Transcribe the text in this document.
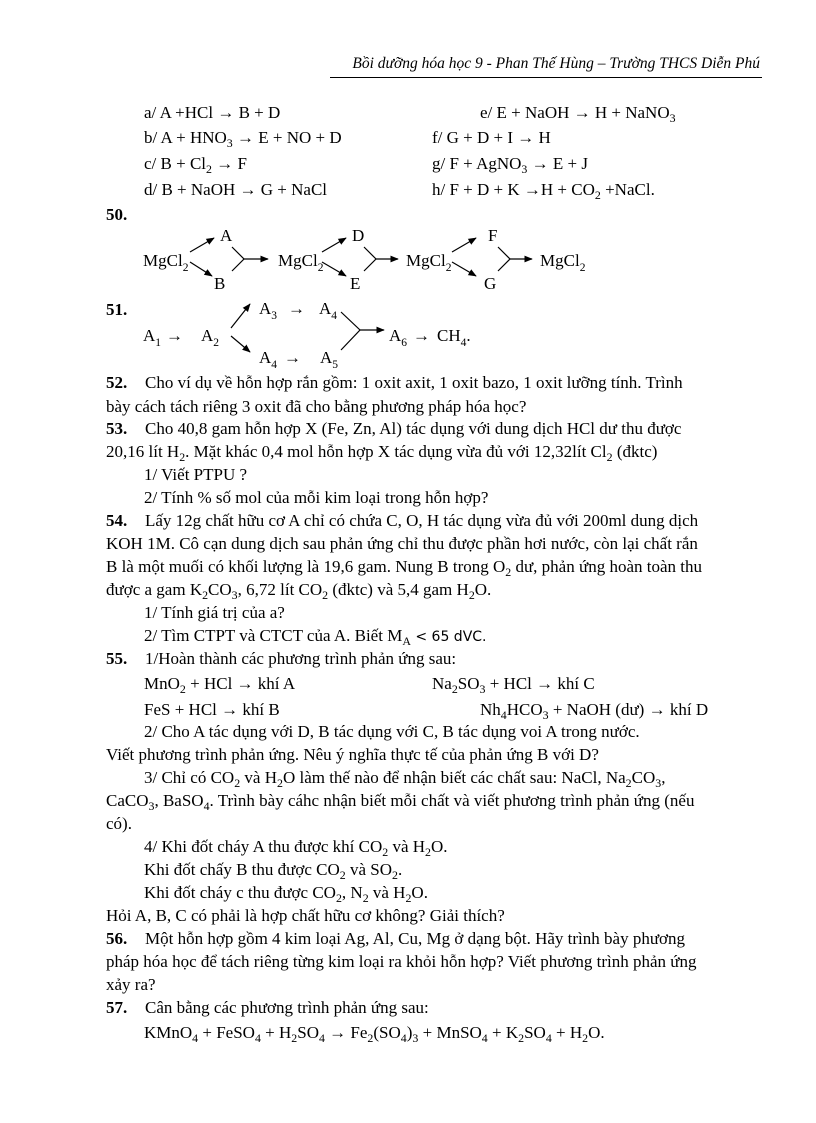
Bồi dưỡng hóa học 9 - Phan Thế Hùng – Trường THCS Diễn Phú
a/ A +HCl → B + D
b/ $A + HNO_3 \to E$ + NO + D
c/ $B + Cl_2 \to F$
d/ B + NaOH → G + NaCl
e/ E + NaOH → H + NaNO$_3$
f/ G + D + I → H
g/ F + AgNO$_3$ → E + J
h/ $F + D + K \to H + CO_2$ +NaCl.
50.
51.
MgCl$_2$
A
B
MgCl$_2$
D
E
MgCl$_2$
F
G
MgCl$_2$
$A_1 \to A_2$
$A_3 \to A_4$
$A_4 \to A_5$
$A_6 \to CH_4$.
52. Cho ví dụ về hỗn hợp rắn gồm: 1 oxit axit, 1 oxit bazo, 1 oxit lưỡng tính. Trình
bày cách tách riêng 3 oxit đã cho bằng phương pháp hóa học?
53. Cho 40,8 gam hỗn hợp X (Fe, Zn, Al) tác dụng với dung dịch HCl dư thu được
20,16 lít $H_2$. Mặt khác 0,4 mol hỗn hợp X tác dụng vừa đủ với 12,32lít $Cl_2$ (đktc)
1/ Viết PTPU ?
2/ Tính % số mol của mỗi kim loại trong hỗn hợp?
54. Lấy 12g chất hữu cơ A chỉ có chứa C, O, H tác dụng vừa đủ với 200ml dung dịch
KOH 1M. Cô cạn dung dịch sau phản ứng chỉ thu được phần hơi nước, còn lại chất rắn
B là một muối có khối lượng là 19,6 gam. Nung B trong $O_2$ dư, phản ứng hoàn toàn thu
được a gam $K_2CO_3$, 6,72 lít $CO_2$ (đktc) và 5,4 gam $H_2O$.
1/ Tính giá trị của a?
2/ Tìm CTPT và CTCT của A. Biết $M_A < 65$ dVC.
55. 1/Hoàn thành các phương trình phản ứng sau:
MnO$_2$ + HCl → khí A	$Na_2SO_3$ + HCl → khí C
FeS + HCl → khí B	$Nh_4HCO_3$ + NaOH (dư) → khí D
2/ Cho A tác dụng với D, B tác dụng với C, B tác dụng voi A trong nước.
Viết phương trình phản ứng. Nêu ý nghĩa thực tế của phản ứng B với D?
3/ Chỉ có $CO_2$ và $H_2O$ làm thế nào để nhận biết các chất sau: NaCl, $Na_2CO_3$,
CaCO$_3$, BaSO$_4$. Trình bày cáhc nhận biết mỗi chất và viết phương trình phản ứng (nếu
có).
4/ Khi đốt cháy A thu được khí $CO_2$ và $H_2O$.
Khi đốt chấy B thu được $CO_2$ và $SO_2$.
Khi đốt cháy c thu được $CO_2$, $N_2$ và $H_2O$.
Hỏi A, B, C có phải là hợp chất hữu cơ không? Giải thích?
56. Một hỗn hợp gồm 4 kim loại Ag, Al, Cu, Mg ở dạng bột. Hãy trình bày phương
pháp hóa học để tách riêng từng kim loại ra khỏi hỗn hợp? Viết phương trình phản ứng
xảy ra?
57. Cân bằng các phương trình phản ứng sau:
KMnO$_4$ + FeSO$_4$ + $H_2SO_4 \to Fe_2(SO_4)_3$ + MnSO$_4$ + $K_2SO_4 + H_2O$.
